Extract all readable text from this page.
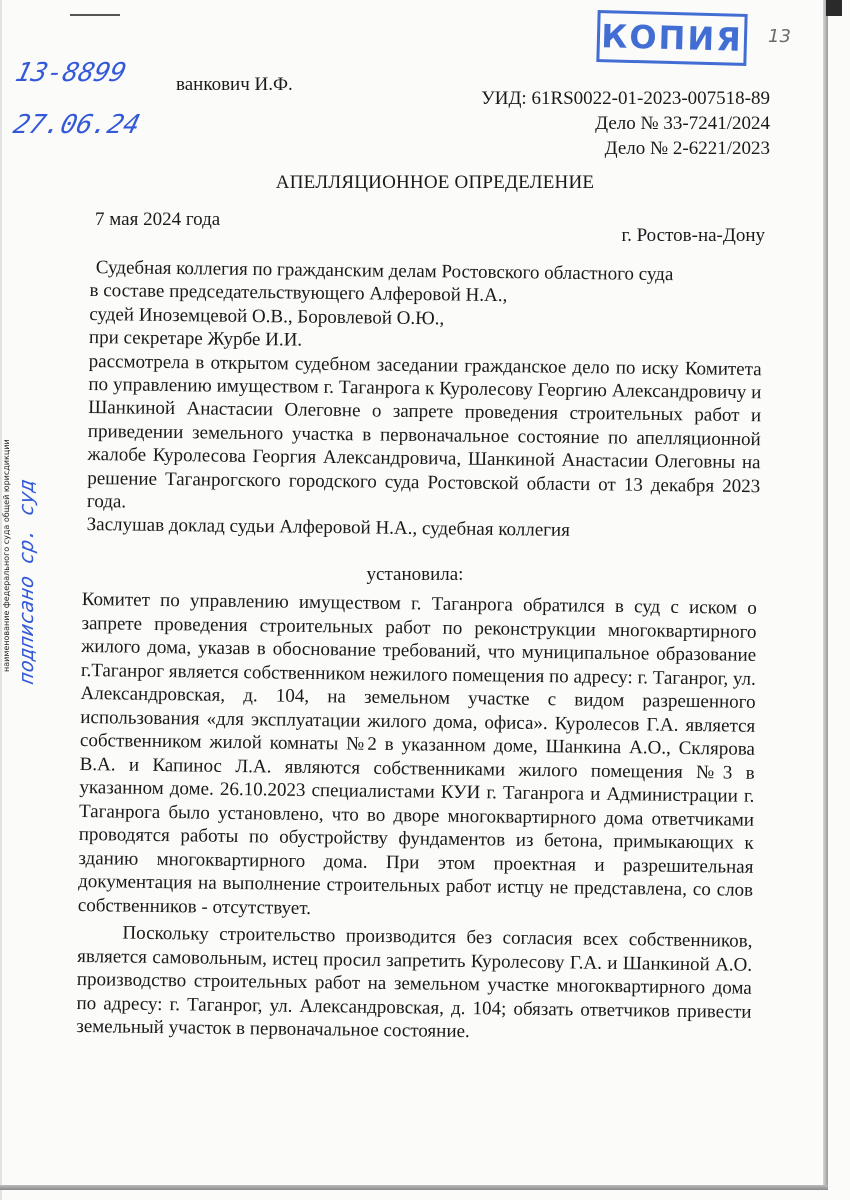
КОПИЯ 13
13-8899
27.06.24
наименование федерального суда общей юрисдикции подписано ср. суд
ванкович И.Ф.
УИД: 61RS0022-01-2023-007518-89
Дело № 33-7241/2024
Дело № 2-6221/2023
АПЕЛЛЯЦИОННОЕ ОПРЕДЕЛЕНИЕ
7 мая 2024 года
г. Ростов-на-Дону

Судебная коллегия по гражданским делам Ростовского областного суда

в составе председательствующего Алферовой Н.А.,

судей Иноземцевой О.В., Боровлевой О.Ю.,

при секретаре Журбе И.И.

рассмотрела в открытом судебном заседании гражданское дело по иску Комитета по управлению имуществом г. Таганрога к Куролесову Георгию Александровичу и Шанкиной Анастасии Олеговне о запрете проведения строительных работ и приведении земельного участка в первоначальное состояние по апелляционной жалобе Куролесова Георгия Александровича, Шанкиной Анастасии Олеговны на решение Таганрогского городского суда Ростовской области от 13 декабря 2023 года.

Заслушав доклад судьи Алферовой Н.А., судебная коллегия

установила:

Комитет по управлению имуществом г. Таганрога обратился в суд с иском о запрете проведения строительных работ по реконструкции многоквартирного жилого дома, указав в обоснование требований, что муниципальное образование г.Таганрог является собственником нежилого помещения по адресу: г. Таганрог, ул. Александровская, д. 104, на земельном участке с видом разрешенного использования «для эксплуатации жилого дома, офиса». Куролесов Г.А. является собственником жилой комнаты №2 в указанном доме, Шанкина А.О., Склярова В.А. и Капинос Л.А. являются собственниками жилого помещения №3 в указанном доме. 26.10.2023 специалистами КУИ г. Таганрога и Администрации г. Таганрога было установлено, что во дворе многоквартирного дома ответчиками проводятся работы по обустройству фундаментов из бетона, примыкающих к зданию многоквартирного дома. При этом проектная и разрешительная документация на выполнение строительных работ истцу не представлена, со слов собственников - отсутствует.

Поскольку строительство производится без согласия всех собственников, является самовольным, истец просил запретить Куролесову Г.А. и Шанкиной А.О. производство строительных работ на земельном участке многоквартирного дома по адресу: г. Таганрог, ул. Александровская, д. 104; обязать ответчиков привести земельный участок в первоначальное состояние.
